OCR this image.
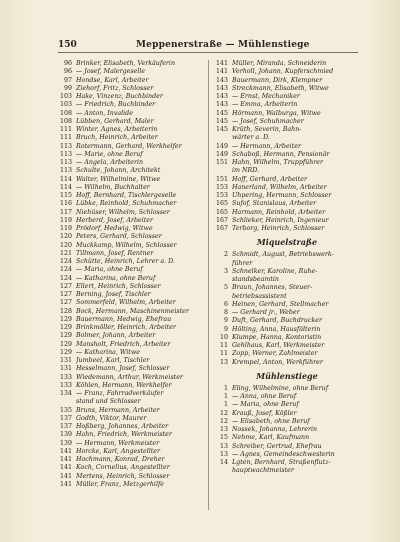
150	Meppenerstraße — Mühlenstiege
96 Brinker, Elisabeth, Verkäuferin
96 — Josef, Malergeselle
97 Hondse, Karl, Arbeiter
99 Ziehorf, Fritz, Schlosser
103 Hake, Vinzenz, Buchbinder
103 — Friedrich, Buchbinder
108 — Anton, Invalide
108 Lübben, Gerhard, Maler
111 Winter, Agnes, Arbeiterin
111 Bruch, Heinrich, Arbeiter
113 Rotermann, Gerhard, Werkhelfer
113 — Marie, ohne Beruf
113 — Angela, Arbeiterin
113 Schulte, Johann, Architekt
114 Walter, Wilhelmine, Witwe
114 — Wilhelm, Buchhalter
115 Hoff, Bernhard, Tischlergeselle
116 Lübke, Reinhold, Schuhmacher
117 Niehüser, Wilhelm, Schlosser
119 Herberd, Josef, Arbeiter
119 Prödorf, Hedwig, Witwe
120 Peters, Gerhard, Schlosser
120 Muckkamp, Wilhelm, Schlosser
121 Tillmann, Josef, Rentner
124 Schütte, Heinrich, Lehrer a. D.
124 — Maria, ohne Beruf
124 — Katharina, ohne Beruf
127 Ellert, Heinrich, Schlosser
127 Berning, Josef, Tischler
127 Sommerfeld, Wilhelm, Arbeiter
128 Bock, Hermann, Maschinenmeister
129 Bauermann, Hedwig, Ehefrau
129 Brinkmöller, Heinrich, Arbeiter
129 Bolmer, Johann, Arbeiter
129 Mansholt, Friedrich, Arbeiter
129 — Katharina, Witwe
131 Jumbeel, Karl, Tischler
131 Hesselmann, Josef, Schlosser
133 Wiedemann, Arthur, Werkmeister
133 Köhlen, Hermann, Werkhelfer
134 — Franz, Fahrradverkäufer
stand und Schlosser
135 Bruns, Hermann, Arbeiter
137 Godth, Viktor, Maurer
137 Hoßberg, Johannes, Arbeiter
139 Hahn, Friedrich, Werkmeister
139 — Hermann, Werkmeister
141 Horcke, Karl, Angestellter
141 Hochmann, Konrad, Dreher
141 Koch, Cornelius, Angestellter
141 Mertens, Heinrich, Schlosser
141 Müller, Franz, Metzgerhilfe
141 Müller, Miranda, Schneiderin
141 Verholl, Johann, Kupferschmied
143 Bauermann, Dirk, Klempner
143 Streckmann, Elisabeth, Witwe
143 — Ernst, Mechaniker
143 — Emma, Arbeiterin
145 Hörmann, Walburga, Witwe
145 — Josef, Schuhmacher
145 Krüth, Severin, Bahn-
wärter a. D.
149 — Hermann, Arbeiter
149 Schaboß, Hermann, Pensionär
151 Hahn, Wilhelm, Truppführer
im NRD.
151 Hoff, Gerhard, Arbeiter
153 Hanerland, Wilhelm, Arbeiter
153 Uhpering, Hermann, Schlosser
165 Sufof, Stanislaus, Arbeiter
165 Harmann, Reinhold, Arbeiter
167 Schlieker, Heinrich, Ingenieur
167 Terborg, Heinrich, Schlosser
Miquelstraße
2 Schmidt, August, Betriebswerk-
führer
3 Schnelker, Karoline, Ruhe-
standsbeamtin
5 Braun, Johannes, Steuer-
betriebsassistent
6 Heinen, Gerhard, Stellmacher
8 — Gerhard jr., Weber
9 Duft, Gerhard, Buchdrucker
9 Hölting, Anna, Hausfälterin
10 Klumpe, Hanna, Kontoristin
11 Gehlhaus, Karl, Werkmeister
11 Zopp, Werner, Zahlmeister
13 Krempel, Anton, Werkführer
Mühlenstiege
1 Eling, Wilhelmine, ohne Beruf
1 — Anna, ohne Beruf
1 — Maria, ohne Beruf
12 Krauß, Josef, Kößler
12 — Elisabeth, ohne Beruf
13 Nossek, Johanna, Lehrerin
15 Nehme, Karl, Kaufmann
13 Schreiber, Gertrud, Ehefrau
13 — Agnes, Gemeindeschwesterin
14 Lgten, Bernhard, Straßenflutz-
hauptwachtmeister
